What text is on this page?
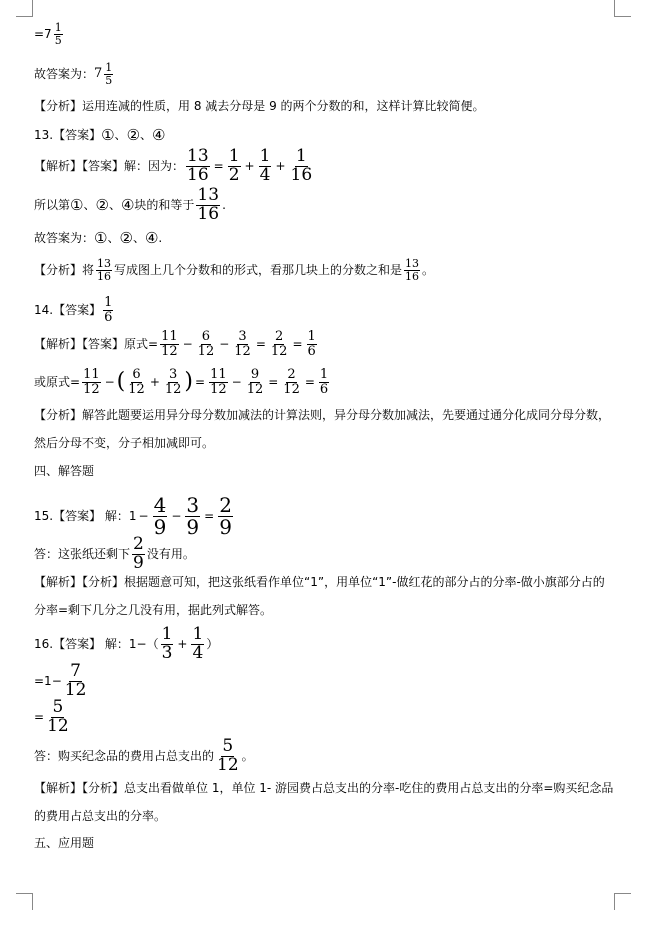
$=7 \frac{1}{5}$
故答案为： $7 \frac{1}{5}$
【分析】运用连减的性质，用 8 减去分母是 9 的两个分数的和，这样计算比较简便。
13.【答案】 ① 、 ② 、 ④
【解析】【答案】解：因为： $\frac{13}{16} = \frac{1}{2} + \frac{1}{4} + \frac{1}{16}$
所以第 ① 、 ② 、 ④ 块的和等于 $\frac{13}{16}$ .
故答案为： ① 、 ② 、 ④ .
【分析】将 $\frac{13}{16}$ 写成图上几个分数和的形式，看那几块上的分数之和是 $\frac{13}{16}$ 。
14.【答案】 $\frac{1}{6}$
【解析】【答案】原式= $\frac{11}{12} - \frac{6}{12} - \frac{3}{12} = \frac{2}{12} = \frac{1}{6}$
或原式= $\frac{11}{12}$ − ( $\frac{6}{12} + \frac{3}{12}$ ) = $\frac{11}{12} - \frac{9}{12} = \frac{2}{12} = \frac{1}{6}$
【分析】解答此题要运用异分母分数加减法的计算法则，异分母分数加减法，先要通过通分化成同分母分数，然后分母不变，分子相加减即可。
四、解答题
15.【答案】 解：$1 - \frac{4}{9} - \frac{3}{9} = \frac{2}{9}$
答：这张纸还剩下 $\frac{2}{9}$ 没有用。
【解析】【分析】根据题意可知，把这张纸看作单位“1”，用单位“1”-做红花的部分占的分率-做小旗部分占的分率=剩下几分之几没有用，据此列式解答。
16.【答案】 解：$1-( \frac{1}{3} + \frac{1}{4}$ ）
$=1- \frac{7}{12}$
= $\frac{5}{12}$
答：购买纪念品的费用占总支出的 $\frac{5}{12}$ 。
【解析】【分析】总支出看做单位 1，单位 1- 游园费占总支出的分率-吃住的费用占总支出的分率=购买纪念品的费用占总支出的分率。
五、应用题
